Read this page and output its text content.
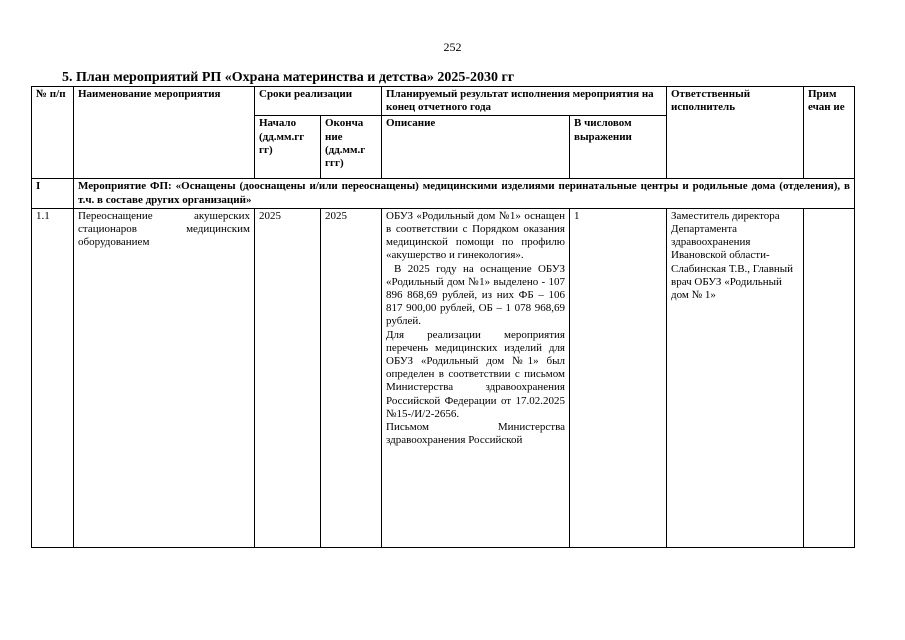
252
5. План мероприятий РП «Охрана материнства и детства» 2025-2030 гг
№ п/п	Наименование мероприятия	Сроки реализации		Планируемый результат исполнения мероприятия на конец отчетного года		Ответственный исполнитель	Прим ечан ие
		Начало (дд.мм.гг гг)	Оконча ние (дд.мм.г ггг)	Описание	В числовом выражении		
I	Мероприятие ФП: «Оснащены (дооснащены и/или переоснащены) медицинскими изделиями перинатальные центры и родильные дома (отделения), в т.ч. в составе других организаций»						
1.1	Переоснащение акушерских стационаров медицинским оборудованием	2025	2025	ОБУЗ «Родильный дом №1» оснащен в соответствии с Порядком оказания медицинской помощи по профилю «акушерство и гинекология».

В 2025 году на оснащение ОБУЗ «Родильный дом №1» выделено - 107 896 868,69 рублей, из них ФБ – 106 817 900,00 рублей, ОБ – 1 078 968,69 рублей.

Для реализации мероприятия перечень медицинских изделий для ОБУЗ «Родильный дом №1» был определен в соответствии с письмом Министерства здравоохранения Российской Федерации от 17.02.2025 №15-/И/2-2656.

Письмом Министерства здравоохранения Российской	1	Заместитель директора Департамента здравоохранения Ивановской области-Слабинская Т.В., Главный врач ОБУЗ «Родильный дом № 1»	
